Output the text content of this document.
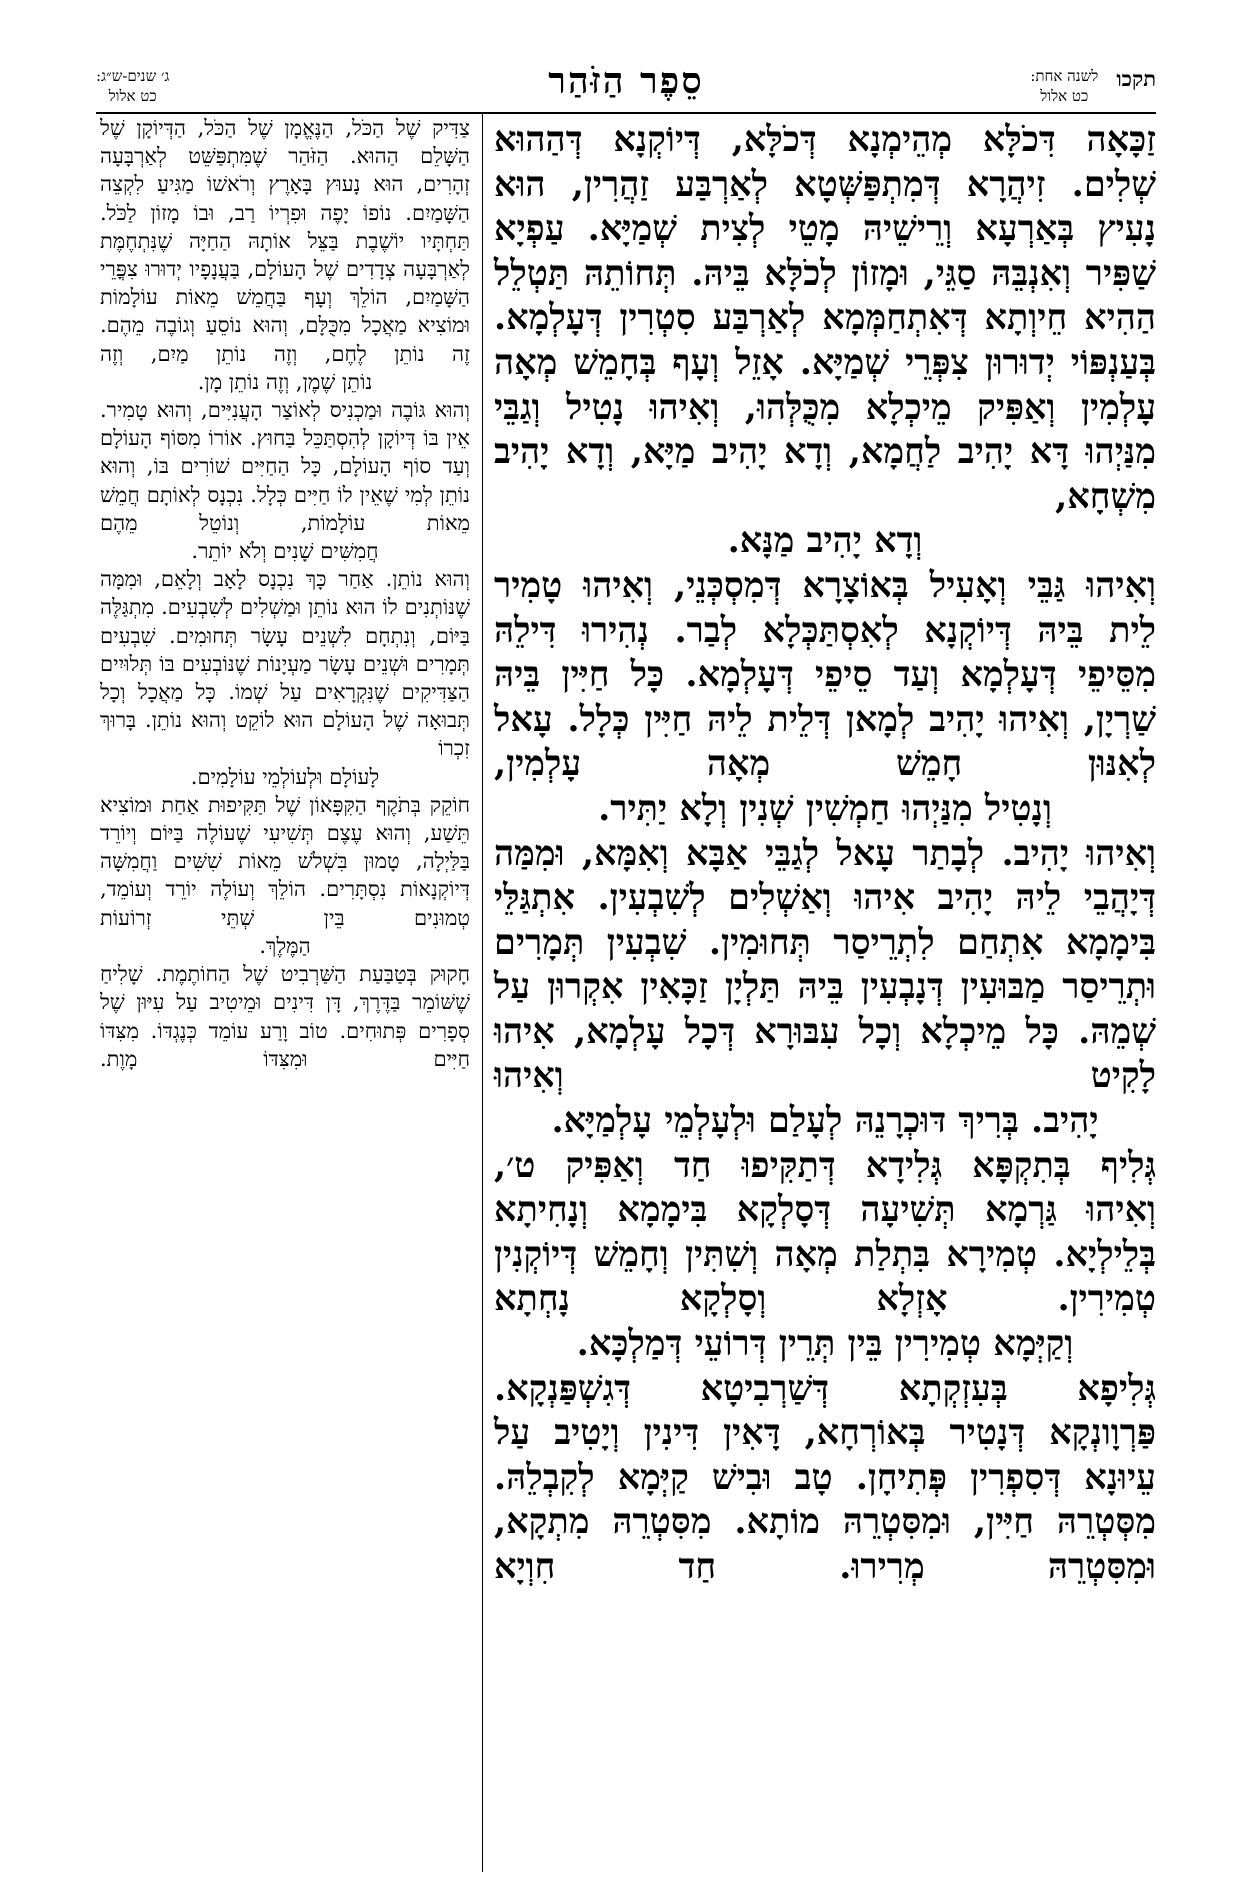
תקכו
לשנה אחת:
כט אלול
סֵפֶר הַזֹּהַר
ג׳ שנים-ש״ג:
כט אלול

זַכָּאָה דִּכֹלָּא מְהֵימְנָא דְּכֹלָּא, דְּיוֹקְנָא דְּהַהוּא שְׁלִים. זִיהֲרָא דְּמִתְפַּשְּׁטָא לְאַרְבַּע זַהֲרִין, הוּא נָעִיץ בְּאַרְעָא וְרֵישֵׁיהּ מָטֵי לְצִית שְׁמַיָּא. עַפְיָא שַׁפִּיר וְאִנְבֵּהּ סַגֵּי, וּמָזוֹן לְכֹלָּא בֵּיהּ. תְּחוֹתֵהּ תַּטְלֵל הַהִיא חֵיוְתָא דְּאִתְחַמְּמָא לְאַרְבַּע סִטְרִין דְּעָלְמָא. בְּעַנְפּוֹי יְדוּרוּן צִפְּרֵי שְׁמַיָּא. אָזֵל וְעָף בְּחָמֵשׁ מְאָה עָלְמִין וְאַפִּיק מֵיכְלָא מִכֻּלְּהוּ, וְאִיהוּ נָטִיל וְגַבֵּי מִנַּיְהוּ דָּא יָהִיב לַחֲמָא, וְדָא יָהִיב מַיָּא, וְדָא יָהִיב מִשְׁחָא,

וְדָא יָהִיב מַנָּא.

וְאִיהוּ גַּבֵּי וְאָעִיל בְּאוֹצָרָא דְּמִסְכְּנֵי, וְאִיהוּ טָמִיר לֵית בֵּיהּ דְּיוֹקְנָא לְאִסְתַּכְּלָא לְבַר. נְהִירוּ דִּילֵהּ מִסֵּיפֵי דְּעָלְמָא וְעַד סֵיפֵי דְּעָלְמָא. כָּל חַיִּין בֵּיהּ שַׁרְיָן, וְאִיהוּ יָהִיב לְמָאן דְּלֵית לֵיהּ חַיִּין כְּלָל. עָאל לְאִנּוּן חָמֵשׁ מְאָה עָלְמִין,

וְנָטִיל מִנַּיְהוּ חַמְשִׁין שְׁנִין וְלָא יַתִּיר.

וְאִיהוּ יָהִיב. לְבָתַר עָאל לְגַבֵּי אַבָּא וְאִמָּא, וּמִמַּה דְּיָהֲבֵי לֵיהּ יָהִיב אִיהוּ וְאַשְׁלִים לְשִׁבְעִין. אִתְגַּלֵּי בִּימָמָא אִתְחַם לִתְרֵיסַר תְּחוּמִין. שִׁבְעִין תְּמָרִים וּתְרֵיסַר מַבּוּעִין דְּנָבְעִין בֵּיהּ תַּלְיָן זַכָּאִין אִקְרוּן עַל שְׁמֵהּ. כָּל מֵיכְלָא וְכָל עִבּוּרָא דְּכָל עָלְמָא, אִיהוּ לָקִיט וְאִיהוּ

יָהִיב. בְּרִיךְ דּוּכְרָנֵהּ לְעָלַם וּלְעָלְמֵי עָלְמַיָּא.

גְּלִיף בְּתִקְפָּא גְּלִידָא דְּתַקִּיפוּ חַד וְאַפִּיק ט׳,

וְאִיהוּ גַּרְמָא תְּשִׁיעָה דְּסָלְקָא בִּימָמָא וְנָחִיתָא בְּלֵילְיָא. טְמִירָא בִּתְלַת מְאָה וְשִׁתִּין וְחָמֵשׁ דְּיוֹקְנִין טְמִירִין. אָזְלָא וְסָלְקָא נָחְתָא

וְקַיְּמָא טְמִירִין בֵּין תְּרֵין דְּרוֹעֵי דְּמַלְכָּא.

גְּלִיפָא בְּעִזְקְתָא דְּשַׁרְבִיטָא דְּגִשְׁפַּנְקָא.

פַּרְוָונְקָא דְּנָטִיר בְּאוֹרְחָא, דָּאִין דִּינִין וְיָטִיב עַל עֵיוּנָא דְּסִפְרִין פְּתִיחָן. טָב וּבִישׁ קַיְּמָא לְקִבְלֵהּ. מִסְּטְרֵהּ חַיִּין, וּמִסִּטְרֵהּ מוֹתָא. מִסִּטְרֵהּ מִתְקָא, וּמִסִּטְרֵהּ מְרִירוּ. חַד חִוְיָא

צַדִּיק שֶׁל הַכֹּל, הַנֶּאֱמָן שֶׁל הַכֹּל, הַדְּיוֹקָן שֶׁל הַשָּׁלֵם הַהוּא. הַזֹּהַר שֶׁמִּתְפַּשֵּׁט לְאַרְבָּעָה זְהָרִים, הוּא נָעוּץ בָּאָרֶץ וְרֹאשׁוֹ מַגִּיעַ לִקְצֵה הַשָּׁמַיִם. נוֹפוֹ יָפֶה וּפִרְיוֹ רַב, וּבוֹ מָזוֹן לַכֹּל. תַּחְתָּיו יוֹשֶׁבֶת בַּצֵּל אוֹתָהּ הַחַיָּה שֶׁנִּתְחֶמֶּת לְאַרְבָּעָה צְדָדִים שֶׁל הָעוֹלָם, בַּעֲנָפָיו יְדוּרוּ צִפֳּרֵי הַשָּׁמַיִם, הוֹלֵךְ וְעָף בַּחֲמֵשׁ מֵאוֹת עוֹלָמוֹת וּמוֹצִיא מַאֲכָל מִכֻּלָּם, וְהוּא נוֹסֵעַ וְגוֹבֶה מֵהֶם. זֶה נוֹתֵן לֶחֶם, וְזֶה נוֹתֵן מַיִם, וְזֶה

נוֹתֵן שֶׁמֶן, וְזֶה נוֹתֵן מָן.

וְהוּא גּוֹבֶה וּמַכְנִיס לְאוֹצַר הָעֲנִיִּים, וְהוּא טָמִיר. אֵין בּוֹ דְּיוֹקָן לְהִסְתַּכֵּל בַּחוּץ. אוֹרוֹ מִסּוֹף הָעוֹלָם וְעַד סוֹף הָעוֹלָם, כָּל הַחַיִּים שׁוֹרִים בּוֹ, וְהוּא נוֹתֵן לְמִי שֶׁאֵין לוֹ חַיִּים כְּלָל. נִכְנָס לְאוֹתָם חֲמֵשׁ מֵאוֹת עוֹלָמוֹת, וְנוֹטֵל מֵהֶם

חֲמִשִּׁים שָׁנִים וְלֹא יוֹתֵר.

וְהוּא נוֹתֵן. אַחַר כָּךְ נִכְנָס לָאָב וְלָאֵם, וּמִמָּה שֶׁנּוֹתְנִים לוֹ הוּא נוֹתֵן וּמַשְׁלִים לְשִׁבְעִים. מִתְגַּלֶּה בַּיּוֹם, וְנִתְחָם לִשְׁנֵים עָשָׂר תְּחוּמִים. שִׁבְעִים תְּמָרִים וּשְׁנֵים עָשָׂר מַעְיָנוֹת שֶׁנּוֹבְעִים בּוֹ תְּלוּיִים הַצַּדִּיקִים שֶׁנִּקְרָאִים עַל שְׁמוֹ. כָּל מַאֲכָל וְכָל תְּבוּאָה שֶׁל הָעוֹלָם הוּא לוֹקֵט וְהוּא נוֹתֵן. בָּרוּךְ זִכְרוֹ

לָעוֹלָם וּלְעוֹלְמֵי עוֹלָמִים.

חוֹקֵק בְּתֹקֶף הַקִּפָּאוֹן שֶׁל תַּקִּיפוּת אַחַת וּמוֹצִיא תֵּשַׁע, וְהוּא עֶצֶם תְּשִׁיעִי שֶׁעוֹלֶה בַּיּוֹם וְיוֹרֵד בַּלַּיְלָה, טָמוּן בִּשְׁלֹשׁ מֵאוֹת שִׁשִּׁים וַחֲמִשָּׁה דְּיוֹקְנָאוֹת נִסְתָּרִים. הוֹלֵךְ וְעוֹלֶה יוֹרֵד וְעוֹמֵד, טְמוּנִים בֵּין שְׁתֵּי זְרוֹעוֹת

הַמֶּלֶךְ.

חָקוּק בְּטַבַּעַת הַשַּׁרְבִיט שֶׁל הַחוֹתֶמֶת. שָׁלִיחַ שֶׁשּׁוֹמֵר בַּדֶּרֶךְ, דָּן דִּינִים וּמֵיטִיב עַל עִיּוּן שֶׁל סְפָרִים פְּתוּחִים. טוֹב וָרַע עוֹמֵד כְּנֶגְדּוֹ. מִצִּדּוֹ חַיִּים וּמִצִּדּוֹ מָוֶת.
